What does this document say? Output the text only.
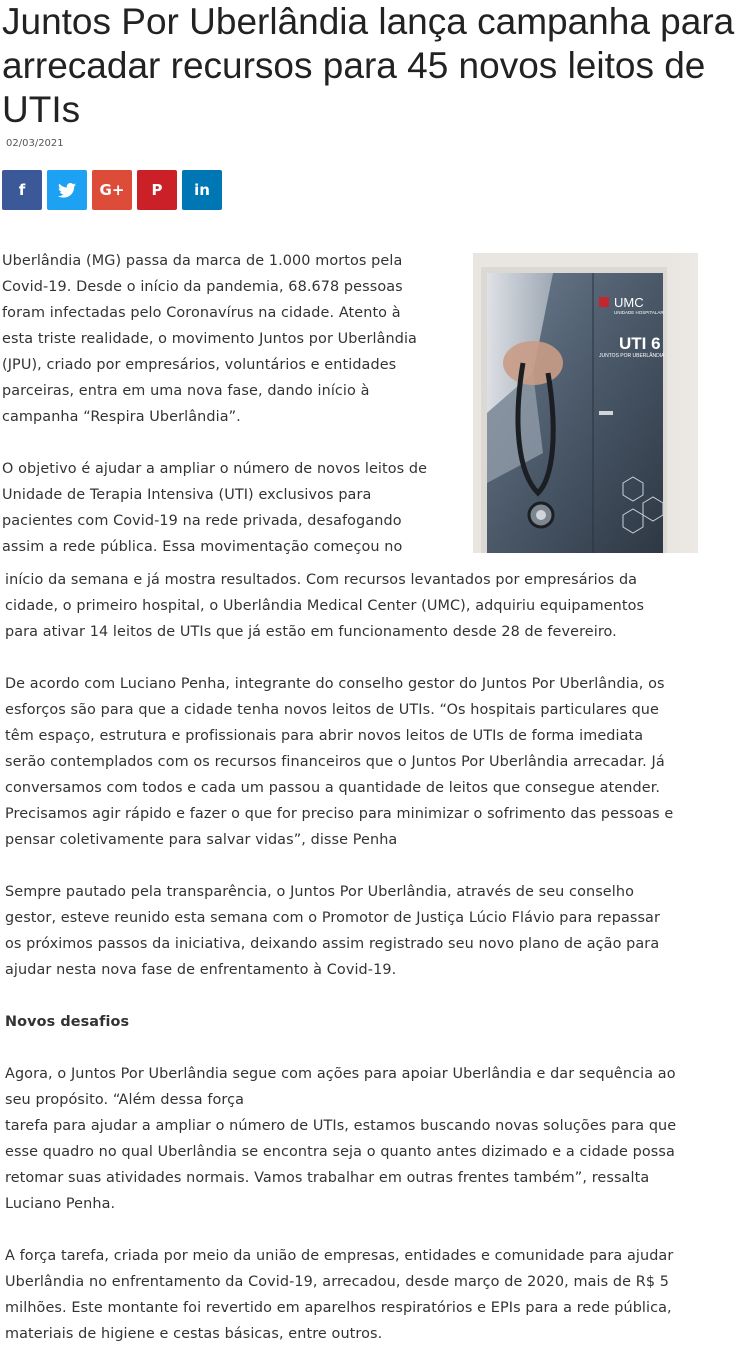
Juntos Por Uberlândia lança campanha para arrecadar recursos para 45 novos leitos de UTIs
02/03/2021
f	G+ P in
UMC
UNIDADE HOSPITALAR
UTI 6
JUNTOS POR UBERLÂNDIA

Uberlândia (MG) passa da marca de 1.000 mortos pela

Covid-19. Desde o início da pandemia, 68.678 pessoas

foram infectadas pelo Coronavírus na cidade. Atento à

esta triste realidade, o movimento Juntos por Uberlândia

(JPU), criado por empresários, voluntários e entidades

parceiras, entra em uma nova fase, dando início à

campanha “Respira Uberlândia”.

O objetivo é ajudar a ampliar o número de novos leitos de

Unidade de Terapia Intensiva (UTI) exclusivos para

pacientes com Covid-19 na rede privada, desafogando

assim a rede pública. Essa movimentação começou no

início da semana e já mostra resultados. Com recursos levantados por empresários da

cidade, o primeiro hospital, o Uberlândia Medical Center (UMC), adquiriu equipamentos

para ativar 14 leitos de UTIs que já estão em funcionamento desde 28 de fevereiro.

De acordo com Luciano Penha, integrante do conselho gestor do Juntos Por Uberlândia, os

esforços são para que a cidade tenha novos leitos de UTIs. “Os hospitais particulares que

têm espaço, estrutura e profissionais para abrir novos leitos de UTIs de forma imediata

serão contemplados com os recursos financeiros que o Juntos Por Uberlândia arrecadar. Já

conversamos com todos e cada um passou a quantidade de leitos que consegue atender.

Precisamos agir rápido e fazer o que for preciso para minimizar o sofrimento das pessoas e

pensar coletivamente para salvar vidas”, disse Penha

Sempre pautado pela transparência, o Juntos Por Uberlândia, através de seu conselho

gestor, esteve reunido esta semana com o Promotor de Justiça Lúcio Flávio para repassar

os próximos passos da iniciativa, deixando assim registrado seu novo plano de ação para

ajudar nesta nova fase de enfrentamento à Covid-19.

Novos desafios

Agora, o Juntos Por Uberlândia segue com ações para apoiar Uberlândia e dar sequência ao

seu propósito. “Além dessa força

tarefa para ajudar a ampliar o número de UTIs, estamos buscando novas soluções para que

esse quadro no qual Uberlândia se encontra seja o quanto antes dizimado e a cidade possa

retomar suas atividades normais. Vamos trabalhar em outras frentes também”, ressalta

Luciano Penha.

A força tarefa, criada por meio da união de empresas, entidades e comunidade para ajudar

Uberlândia no enfrentamento da Covid-19, arrecadou, desde março de 2020, mais de R$ 5

milhões. Este montante foi revertido em aparelhos respiratórios e EPIs para a rede pública,

materiais de higiene e cestas básicas, entre outros.
